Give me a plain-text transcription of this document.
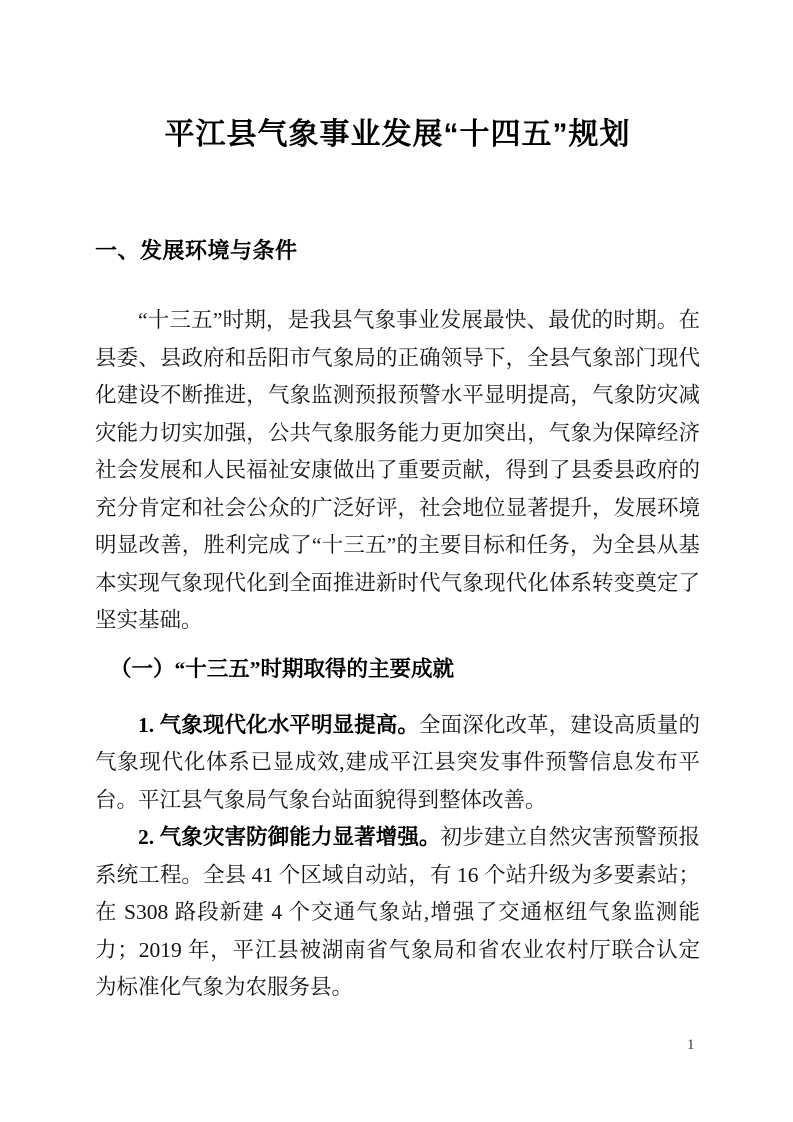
平江县气象事业发展“十四五”规划
一、发展环境与条件

“十三五”时期，是我县气象事业发展最快、最优的时期。在县委、县政府和岳阳市气象局的正确领导下，全县气象部门现代化建设不断推进，气象监测预报预警水平显明提高，气象防灾减灾能力切实加强，公共气象服务能力更加突出，气象为保障经济社会发展和人民福祉安康做出了重要贡献，得到了县委县政府的充分肯定和社会公众的广泛好评，社会地位显著提升，发展环境明显改善，胜利完成了“十三五”的主要目标和任务，为全县从基本实现气象现代化到全面推进新时代气象现代化体系转变奠定了坚实基础。

（一）“十三五”时期取得的主要成就

1. 气象现代化水平明显提高。全面深化改革，建设高质量的气象现代化体系已显成效,建成平江县突发事件预警信息发布平台。平江县气象局气象台站面貌得到整体改善。

2. 气象灾害防御能力显著增强。初步建立自然灾害预警预报系统工程。全县 41 个区域自动站，有 16 个站升级为多要素站；在 S308 路段新建 4 个交通气象站,增强了交通枢纽气象监测能力；2019 年，平江县被湖南省气象局和省农业农村厅联合认定为标准化气象为农服务县。

1
